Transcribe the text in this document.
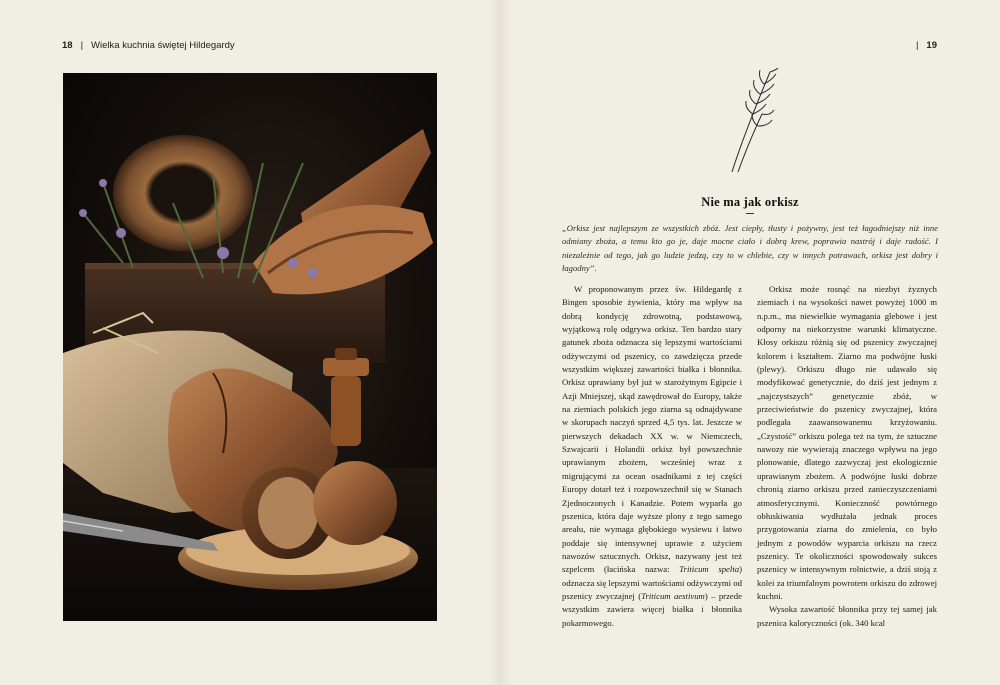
18 | Wielka kuchnia świętej Hildegardy	| 19
Nie ma jak orkisz
„Orkisz jest najlepszym ze wszystkich zbóż. Jest ciepły, tłusty i pożywny, jest też łagodniejszy niż inne odmiany zboża, a temu kto go je, daje mocne ciało i dobrą krew, poprawia nastrój i daje radość. I niezależnie od tego, jak go ludzie jedzą, czy to w chlebie, czy w innych potrawach, orkisz jest dobry i łagodny”.

W proponowanym przez św. Hildegardę z Bingen sposobie żywienia, który ma wpływ na dobrą kondycję zdrowotną, podstawową, wyjątkową rolę odgrywa orkisz. Ten bardzo stary gatunek zboża odznacza się lepszymi wartościami odżywczymi od pszenicy, co zawdzięcza przede wszystkim większej zawartości białka i błonnika. Orkisz uprawiany był już w starożytnym Egipcie i Azji Mniejszej, skąd zawędrował do Europy, także na ziemiach polskich jego ziarna są odnajdywane w skorupach naczyń sprzed 4,5 tys. lat. Jeszcze w pierwszych dekadach XX w. w Niemczech, Szwajcarii i Holandii orkisz był powszechnie uprawianym zbożem, wcześniej wraz z migrującymi za ocean osadnikami z tej części Europy dotarł też i rozpowszechnił się w Stanach Zjednoczonych i Kanadzie. Potem wyparła go pszenica, która daje wyższe plony z tego samego areału, nie wymaga głębokiego wysiewu i łatwo poddaje się intensywnej uprawie z użyciem nawozów sztucznych. Orkisz, nazywany jest też szpelcem (łacińska nazwa: Triticum spelta) odznacza się lepszymi wartościami odżywczymi od pszenicy zwyczajnej (Triticum aestivum) – przede wszystkim zawiera więcej białka i błonnika pokarmowego.

Orkisz może rosnąć na niezbyt żyznych ziemiach i na wysokości nawet powyżej 1000 m n.p.m., ma niewielkie wymagania glebowe i jest odporny na niekorzystne warunki klimatyczne. Kłosy orkiszu różnią się od pszenicy zwyczajnej kolorem i kształtem. Ziarno ma podwójne łuski (plewy). Orkiszu długo nie udawało się modyfikować genetycznie, do dziś jest jednym z „najczystszych” genetycznie zbóż, w przeciwieństwie do pszenicy zwyczajnej, która podlegała zaawansowanemu krzyżowaniu. „Czystość” orkiszu polega też na tym, że sztuczne nawozy nie wywierają znaczego wpływu na jego plonowanie, dlatego zazwyczaj jest ekologicznie uprawianym zbożem. A podwójne łuski dobrze chronią ziarno orkiszu przed zanieczyszczeniami atmosferycznymi. Konieczność powtórnego obłuskiwania wydłużała jednak proces przygotowania ziarna do zmielenia, co było jednym z powodów wyparcia orkiszu na rzecz pszenicy. Te okoliczności spowodowały sukces pszenicy w intensywnym rolnictwie, a dziś stoją z kolei za triumfalnym powrotem orkiszu do zdrowej kuchni.

Wysoka zawartość błonnika przy tej samej jak pszenica kaloryczności (ok. 340 kcal
